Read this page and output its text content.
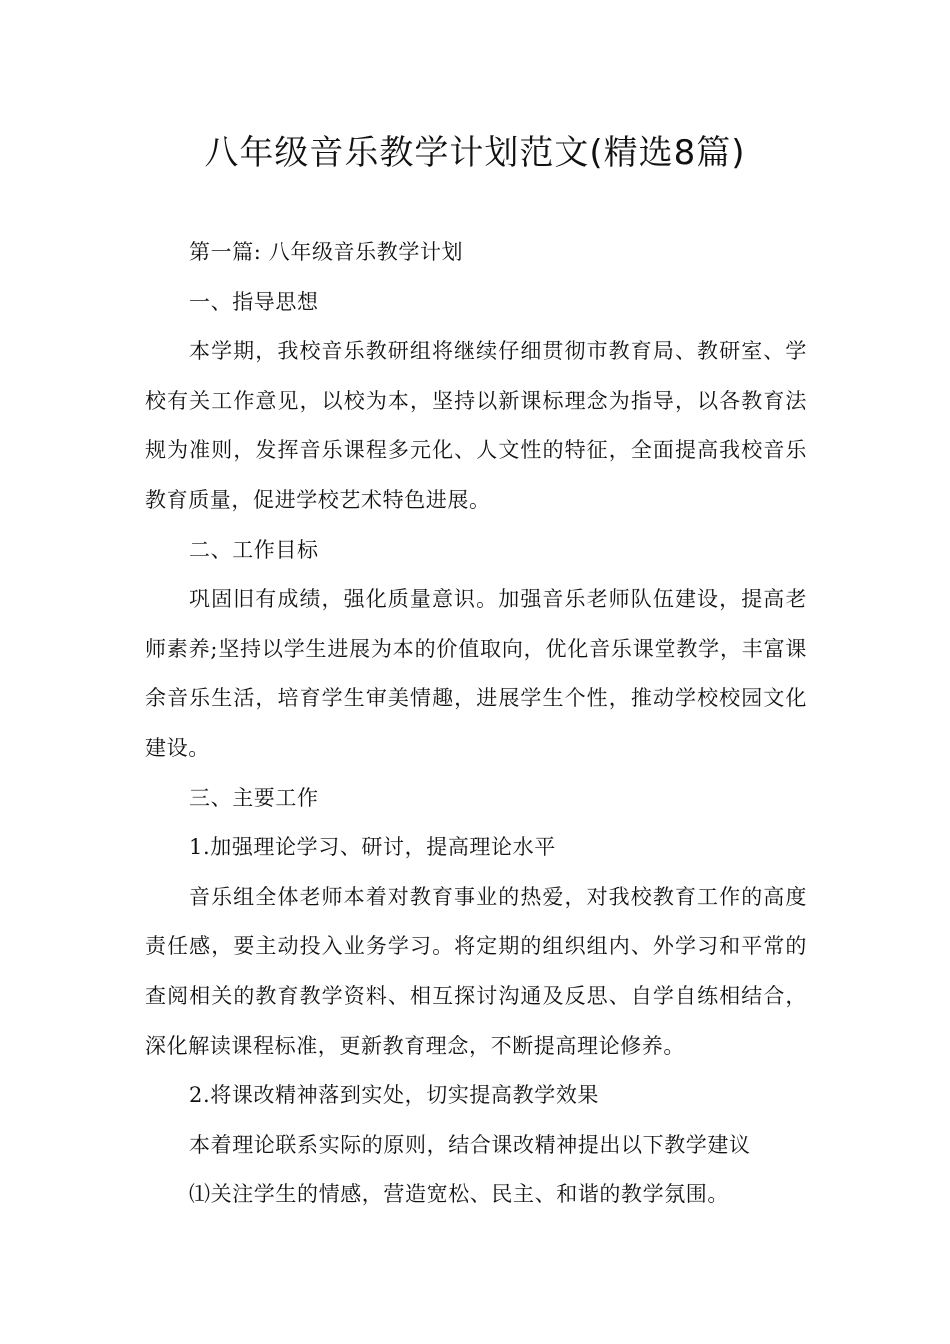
八年级音乐教学计划范文(精选8篇)

第一篇: 八年级音乐教学计划

一、指导思想

本学期，我校音乐教研组将继续仔细贯彻市教育局、教研室、学校有关工作意见，以校为本，坚持以新课标理念为指导，以各教育法规为准则，发挥音乐课程多元化、人文性的特征，全面提高我校音乐教育质量，促进学校艺术特色进展。

二、工作目标

巩固旧有成绩，强化质量意识。加强音乐老师队伍建设，提高老师素养;坚持以学生进展为本的价值取向，优化音乐课堂教学，丰富课余音乐生活，培育学生审美情趣，进展学生个性，推动学校校园文化建设。

三、主要工作

1.加强理论学习、研讨，提高理论水平

音乐组全体老师本着对教育事业的热爱，对我校教育工作的高度责任感，要主动投入业务学习。将定期的组织组内、外学习和平常的查阅相关的教育教学资料、相互探讨沟通及反思、自学自练相结合，深化解读课程标准，更新教育理念，不断提高理论修养。

2.将课改精神落到实处，切实提高教学效果

本着理论联系实际的原则，结合课改精神提出以下教学建议

⑴关注学生的情感，营造宽松、民主、和谐的教学氛围。
